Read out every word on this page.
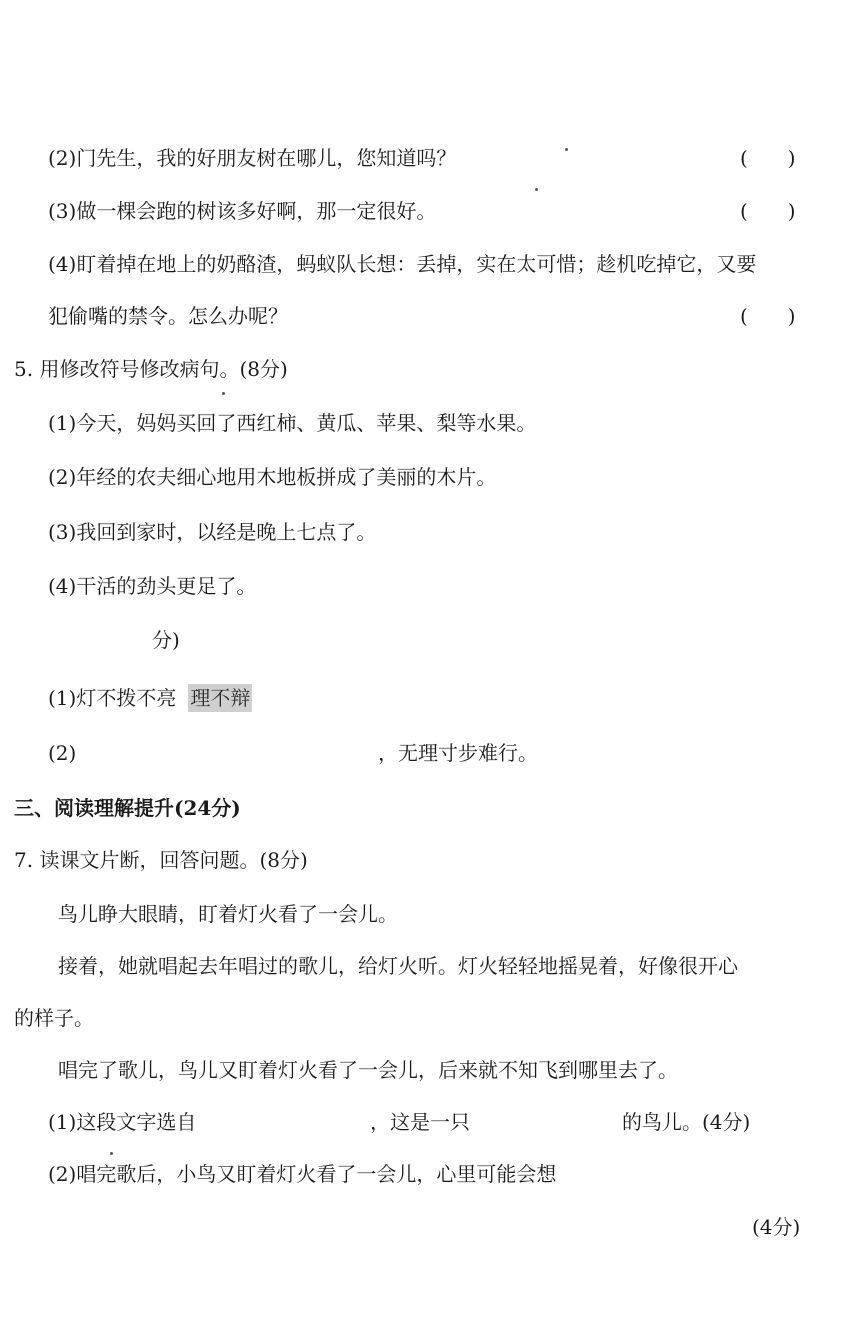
(2)门先生，我的好朋友树在哪儿，您知道吗？	(　　)
(3)做一棵会跑的树该多好啊，那一定很好。	(　　)
(4)盯着掉在地上的奶酪渣，蚂蚁队长想：丢掉，实在太可惜；趁机吃掉它，又要
犯偷嘴的禁令。怎么办呢？	(　　)
5. 用修改符号修改病句。(8分)
(1)今天，妈妈买回了西红柿、黄瓜、苹果、梨等水果。
(2)年经的农夫细心地用木地板拼成了美丽的木片。
(3)我回到家时，以经是晚上七点了。
(4)干活的劲头更足了。
分)
(1)灯不拨不亮 理不辩
(2)	，无理寸步难行。
三、阅读理解提升(24分)
7. 读课文片断，回答问题。(8分)
鸟儿睁大眼睛，盯着灯火看了一会儿。
接着，她就唱起去年唱过的歌儿，给灯火听。灯火轻轻地摇晃着，好像很开心
的样子。
唱完了歌儿，鸟儿又盯着灯火看了一会儿，后来就不知飞到哪里去了。
(1)这段文字选自	，这是一只	的鸟儿。(4分)
(2)唱完歌后，小鸟又盯着灯火看了一会儿，心里可能会想
(4分)
